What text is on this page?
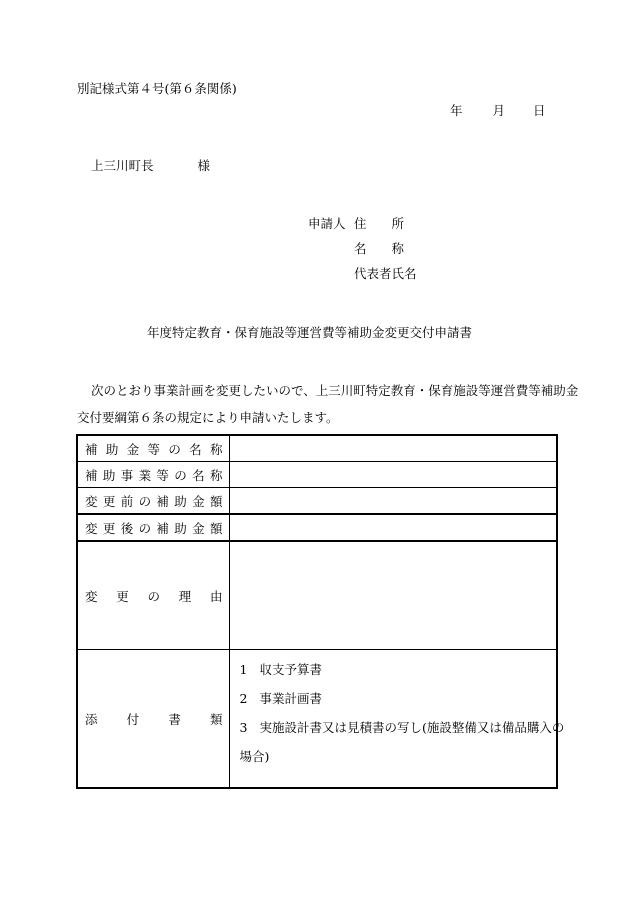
別記様式第４号(第６条関係)
年 月 日
上三川町長	様
申請人 住　　所
名　　称
代表者氏名
年度特定教育・保育施設等運営費等補助金変更交付申請書
次のとおり事業計画を変更したいので、上三川町特定教育・保育施設等運営費等補助金
交付要綱第６条の規定により申請いたします。
補助金等の名称	
補助事業等の名称	
変更前の補助金額	
変更後の補助金額	
変更の理由	
添付書類	1 収支予算書
2 事業計画書
3 実施設計書又は見積書の写し(施設整備又は備品購入の
場合)
